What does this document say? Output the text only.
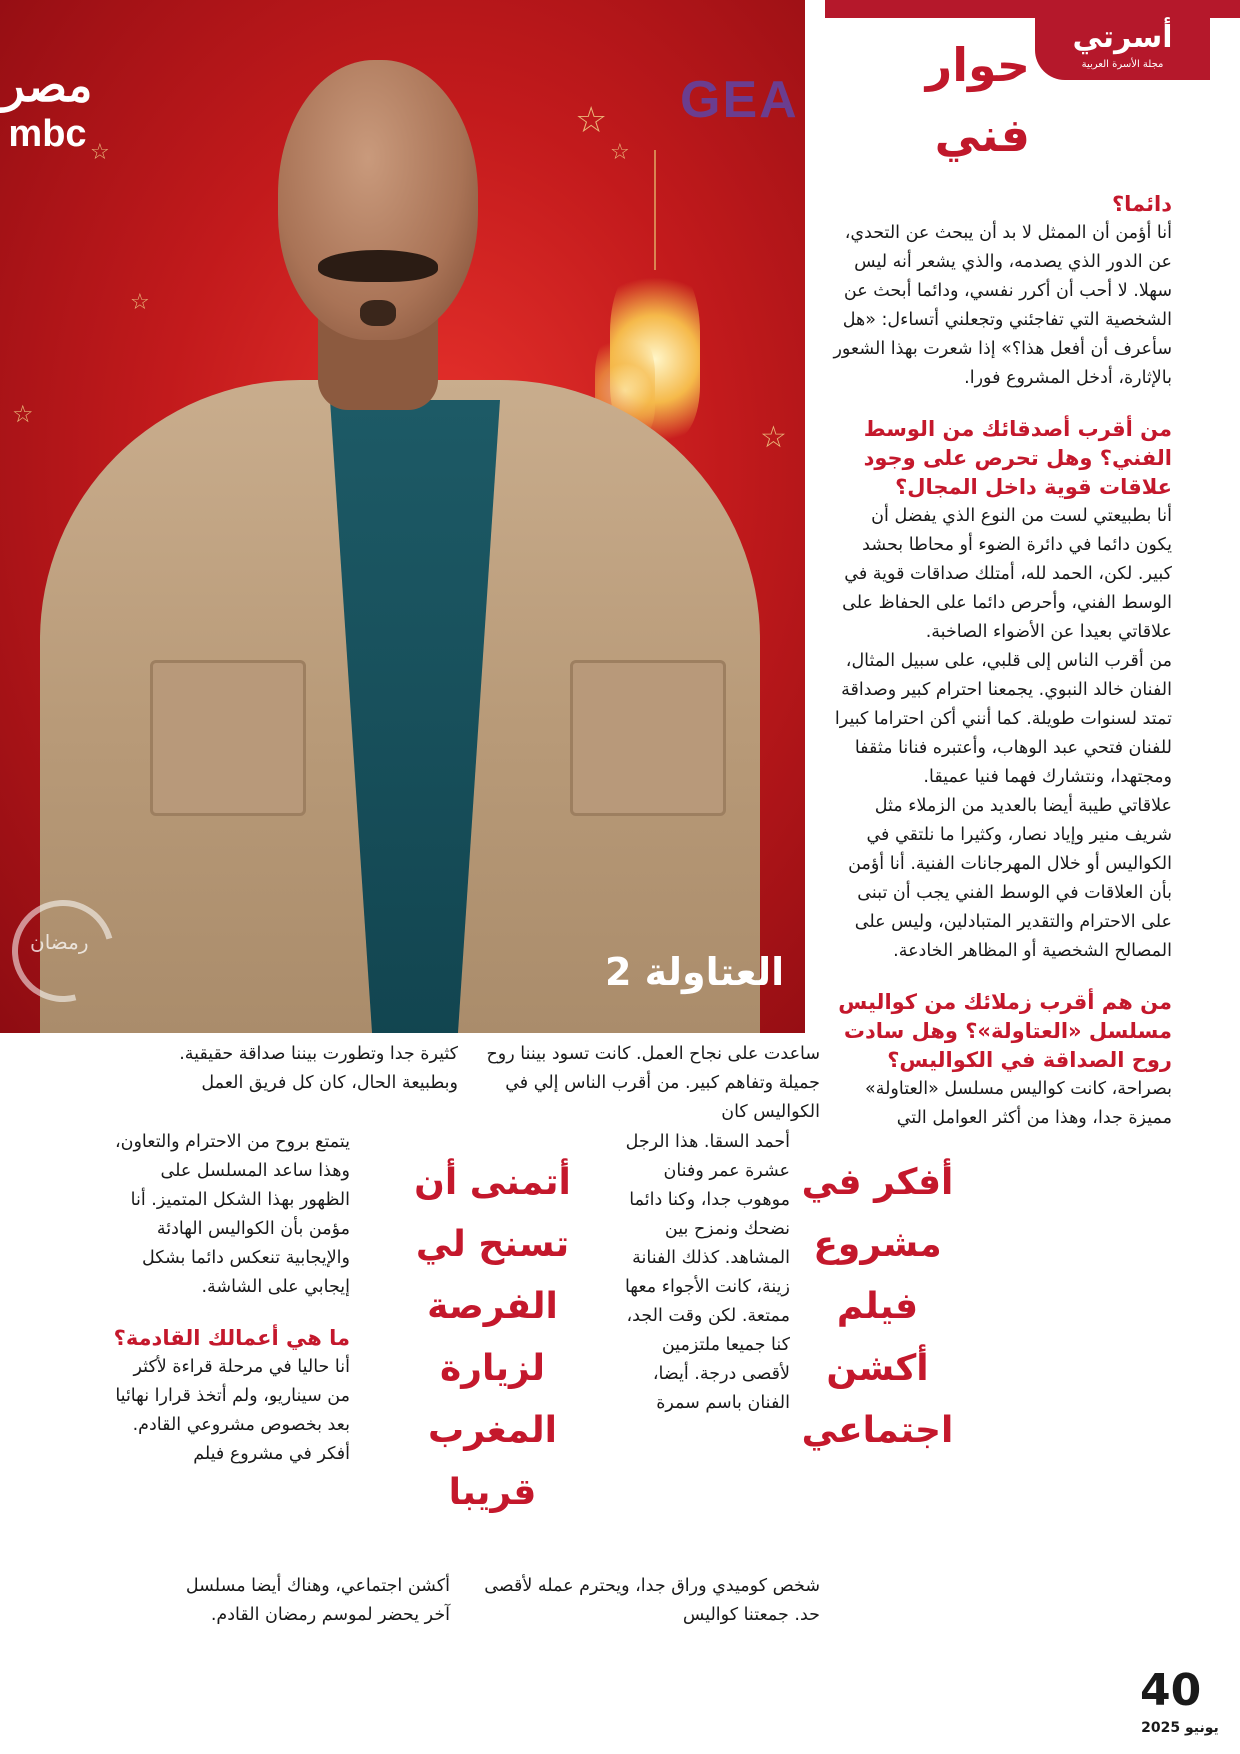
☆
☆
☆
☆
☆
☆
مصر
mbc
GEA
رمضان
العتاولة 2
أسرتي
مجلة الأسرة العربية
حوار فني

دائما؟

أنا أؤمن أن الممثل لا بد أن يبحث عن التحدي، عن الدور الذي يصدمه، والذي يشعر أنه ليس سهلا. لا أحب أن أكرر نفسي، ودائما أبحث عن الشخصية التي تفاجئني وتجعلني أتساءل: «هل سأعرف أن أفعل هذا؟» إذا شعرت بهذا الشعور بالإثارة، أدخل المشروع فورا.

من أقرب أصدقائك من الوسط الفني؟ وهل تحرص على وجود علاقات قوية داخل المجال؟

أنا بطبيعتي لست من النوع الذي يفضل أن يكون دائما في دائرة الضوء أو محاطا بحشد كبير. لكن، الحمد لله، أمتلك صداقات قوية في الوسط الفني، وأحرص دائما على الحفاظ على علاقاتي بعيدا عن الأضواء الصاخبة.

من أقرب الناس إلى قلبي، على سبيل المثال، الفنان خالد النبوي. يجمعنا احترام كبير وصداقة تمتد لسنوات طويلة. كما أنني أكن احتراما كبيرا للفنان فتحي عبد الوهاب، وأعتبره فنانا مثقفا ومجتهدا، ونتشارك فهما فنيا عميقا.

علاقاتي طيبة أيضا بالعديد من الزملاء مثل شريف منير وإياد نصار، وكثيرا ما نلتقي في الكواليس أو خلال المهرجانات الفنية. أنا أؤمن بأن العلاقات في الوسط الفني يجب أن تبنى على الاحترام والتقدير المتبادلين، وليس على المصالح الشخصية أو المظاهر الخادعة.

من هم أقرب زملائك من كواليس مسلسل «العتاولة»؟ وهل سادت روح الصداقة في الكواليس؟

بصراحة، كانت كواليس مسلسل «العتاولة» مميزة جدا، وهذا من أكثر العوامل التي

ساعدت على نجاح العمل. كانت تسود بيننا روح جميلة وتفاهم كبير. من أقرب الناس إلي في الكواليس كان
أحمد السقا. هذا الرجل عشرة عمر وفنان موهوب جدا، وكنا دائما نضحك ونمزح بين المشاهد. كذلك الفنانة زينة، كانت الأجواء معها ممتعة. لكن وقت الجد، كنا جميعا ملتزمين لأقصى درجة. أيضا، الفنان باسم سمرة
شخص كوميدي وراق جدا، ويحترم عمله لأقصى حد. جمعتنا كواليس

كثيرة جدا وتطورت بيننا صداقة حقيقية.

وبطبيعة الحال، كان كل فريق العمل

يتمتع بروح من الاحترام والتعاون، وهذا ساعد المسلسل على الظهور بهذا الشكل المتميز. أنا مؤمن بأن الكواليس الهادئة والإيجابية تنعكس دائما بشكل إيجابي على الشاشة.

ما هي أعمالك القادمة؟

أنا حاليا في مرحلة قراءة لأكثر من سيناريو، ولم أتخذ قرارا نهائيا بعد بخصوص مشروعي القادم. أفكر في مشروع فيلم

أكشن اجتماعي، وهناك أيضا مسلسل آخر يحضر لموسم رمضان القادم.
أفكر في مشروع فيلم أكشن اجتماعي
أتمنى أن تسنح لي الفرصة لزيارة المغرب قريبا
40
يونيو 2025
